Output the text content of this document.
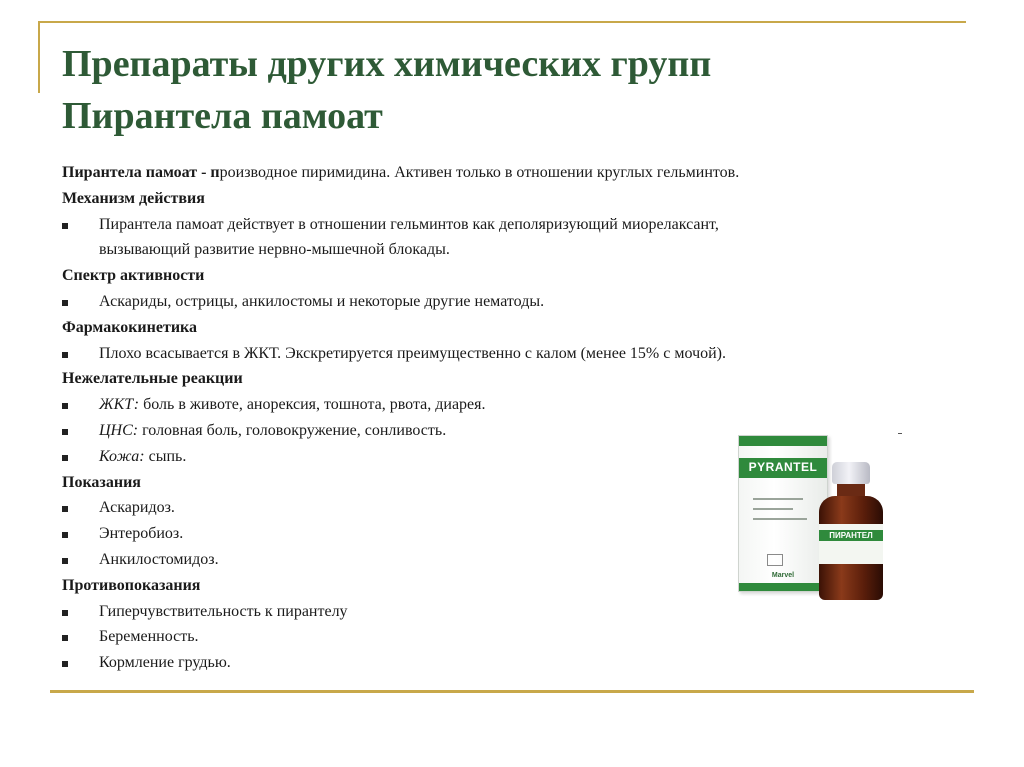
Препараты других химических групп
Пирантела памоат
Пирантела памоат - производное пиримидина. Активен только в отношении круглых гельминтов.
Механизм действия
Пирантела памоат действует в отношении гельминтов как деполяризующий миорелаксант,
вызывающий развитие нервно-мышечной блокады.
Спектр активности
Аскариды, острицы, анкилостомы и некоторые другие нематоды.
Фармакокинетика
Плохо всасывается в ЖКТ. Экскретируется преимущественно с калом (менее 15% с мочой).
Нежелательные реакции
ЖКТ: боль в животе, анорексия, тошнота, рвота, диарея.
ЦНС: головная боль, головокружение, сонливость.
Кожа: сыпь.
Показания
Аскаридоз.
Энтеробиоз.
Анкилостомидоз.
Противопоказания
Гиперчувствительность к пирантелу
Беременность.
Кормление грудью.
PYRANTEL
Marvel
ПИРАНТЕЛ
